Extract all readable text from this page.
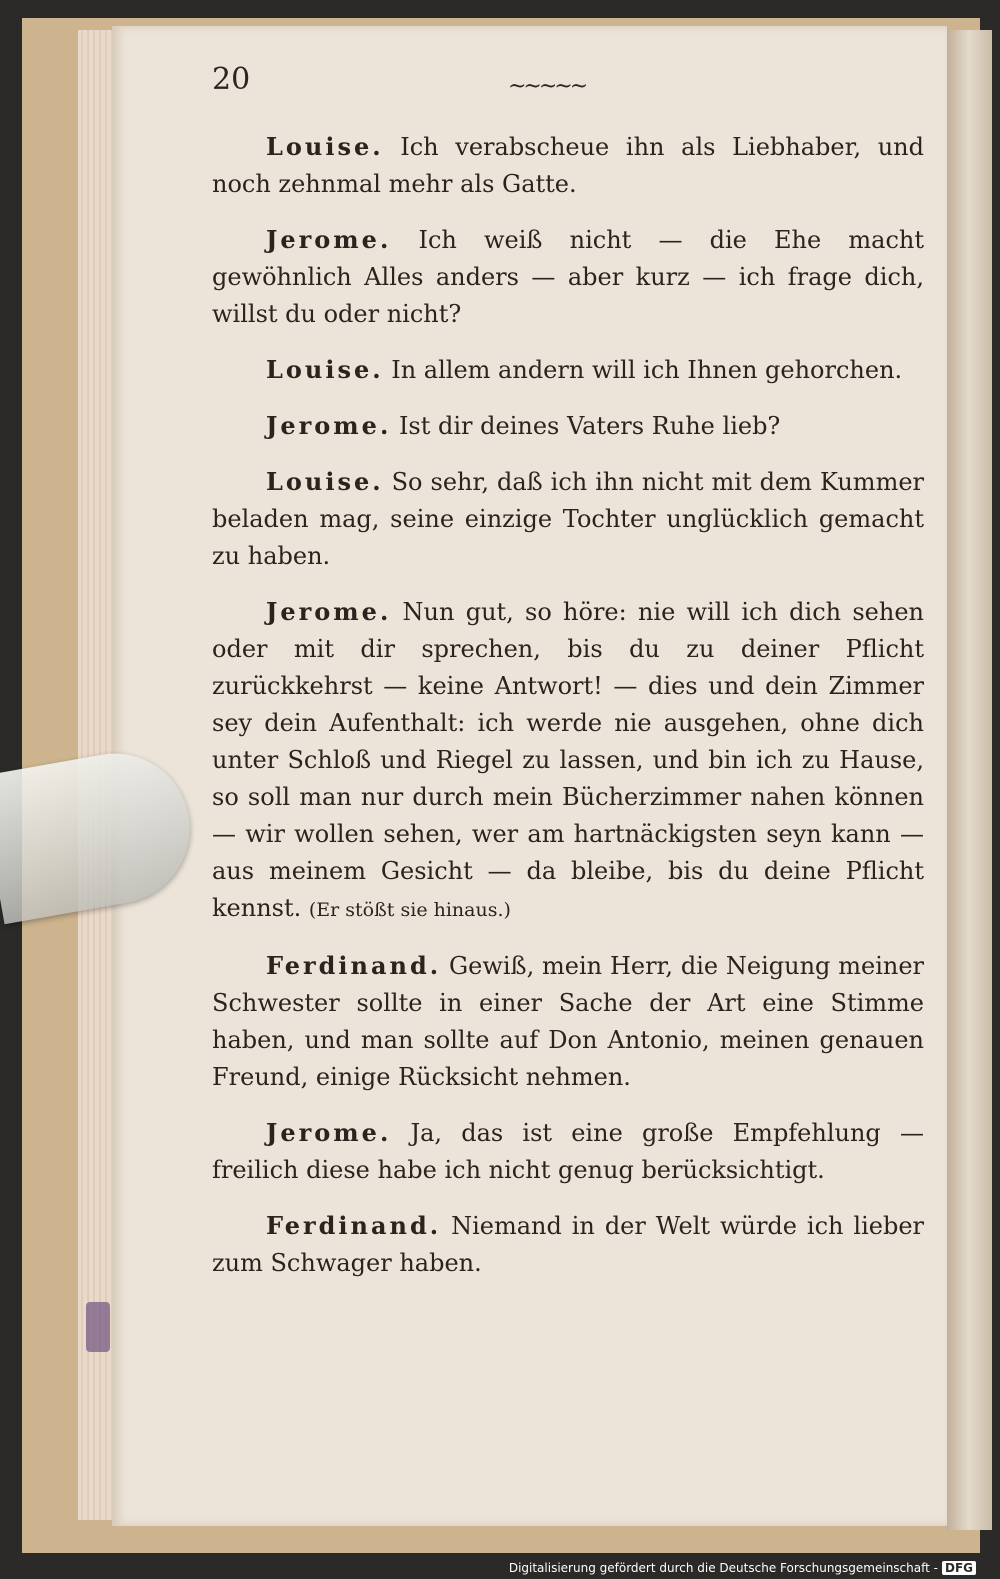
20	~~~~~

Louise. Ich verabscheue ihn als Liebhaber, und noch zehnmal mehr als Gatte.

Jerome. Ich weiß nicht — die Ehe macht gewöhnlich Alles anders — aber kurz — ich frage dich, willst du oder nicht?

Louise. In allem andern will ich Ihnen gehorchen.

Jerome. Ist dir deines Vaters Ruhe lieb?

Louise. So sehr, daß ich ihn nicht mit dem Kummer beladen mag, seine einzige Tochter unglücklich gemacht zu haben.

Jerome. Nun gut, so höre: nie will ich dich sehen oder mit dir sprechen, bis du zu deiner Pflicht zurückkehrst — keine Antwort! — dies und dein Zimmer sey dein Aufenthalt: ich werde nie ausgehen, ohne dich unter Schloß und Riegel zu lassen, und bin ich zu Hause, so soll man nur durch mein Bücherzimmer nahen können — wir wollen sehen, wer am hartnäckigsten seyn kann — aus meinem Gesicht — da bleibe, bis du deine Pflicht kennst. (Er stößt sie hinaus.)

Ferdinand. Gewiß, mein Herr, die Neigung meiner Schwester sollte in einer Sache der Art eine Stimme haben, und man sollte auf Don Antonio, meinen genauen Freund, einige Rücksicht nehmen.

Jerome. Ja, das ist eine große Empfehlung — freilich diese habe ich nicht genug berücksichtigt.

Ferdinand. Niemand in der Welt würde ich lieber zum Schwager haben.

Digitalisierung gefördert durch die Deutsche Forschungsgemeinschaft - DFG
